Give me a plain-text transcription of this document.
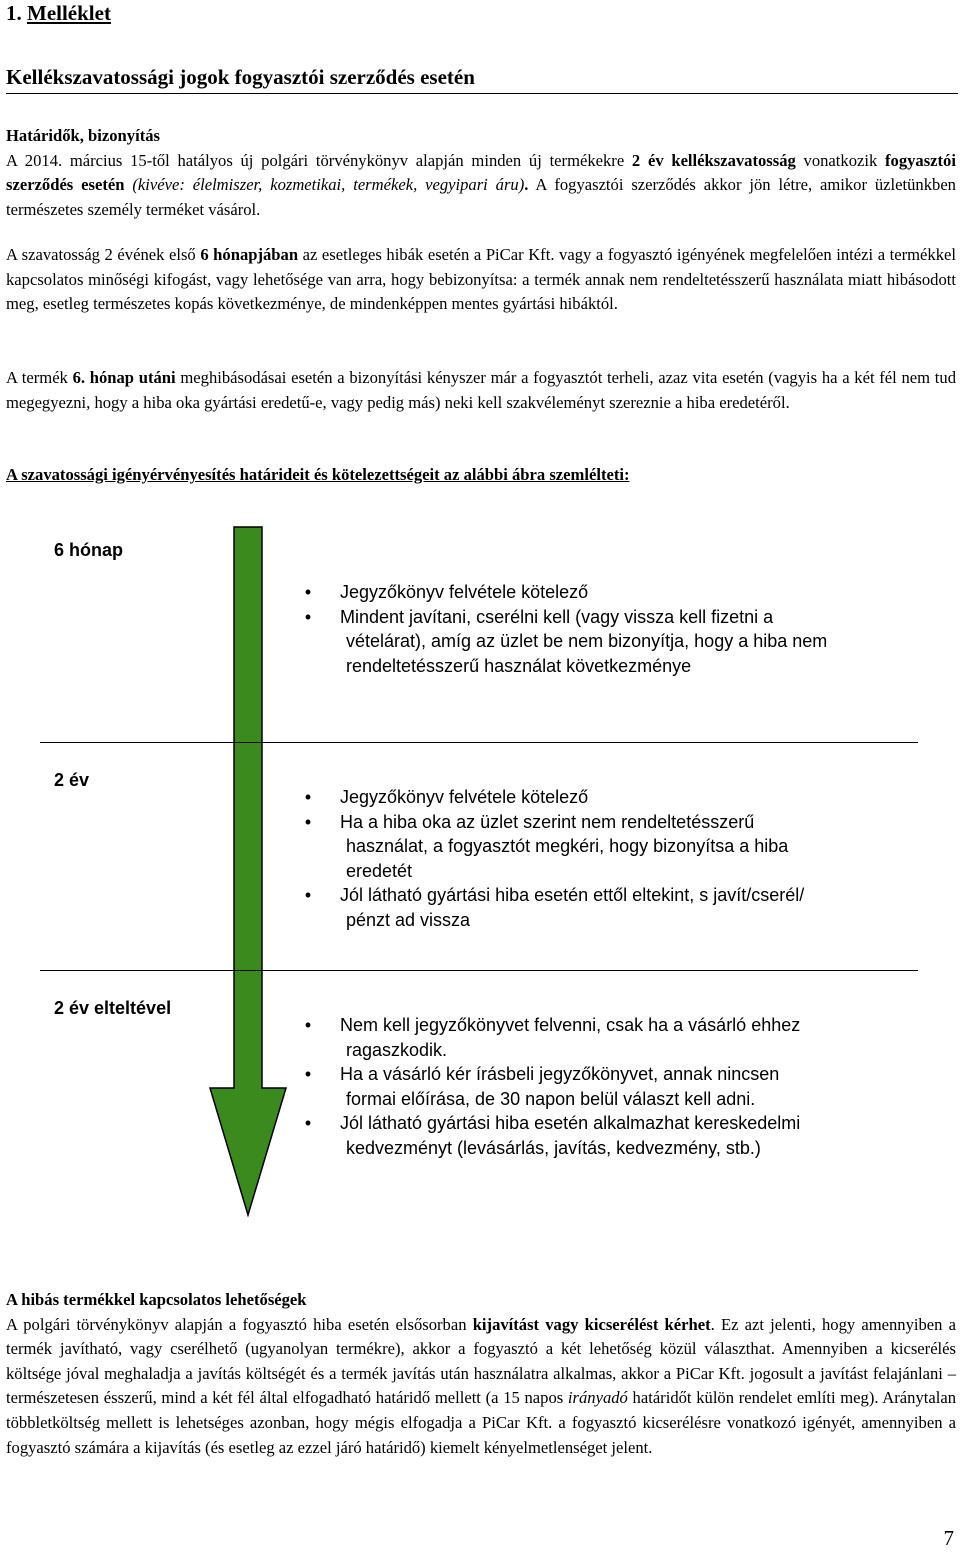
1. Melléklet
Kellékszavatossági jogok fogyasztói szerződés esetén
Határidők, bizonyítás
A 2014. március 15-től hatályos új polgári törvénykönyv alapján minden új termékekre 2 év kellékszavatosság vonatkozik fogyasztói szerződés esetén (kivéve: élelmiszer, kozmetikai, termékek, vegyipari áru). A fogyasztói szerződés akkor jön létre, amikor üzletünkben természetes személy terméket vásárol.
A szavatosság 2 évének első 6 hónapjában az esetleges hibák esetén a PiCar Kft. vagy a fogyasztó igényének megfelelően intézi a termékkel kapcsolatos minőségi kifogást, vagy lehetősége van arra, hogy bebizonyítsa: a termék annak nem rendeltetésszerű használata miatt hibásodott meg, esetleg természetes kopás következménye, de mindenképpen mentes gyártási hibáktól.
A termék 6. hónap utáni meghibásodásai esetén a bizonyítási kényszer már a fogyasztót terheli, azaz vita esetén (vagyis ha a két fél nem tud megegyezni, hogy a hiba oka gyártási eredetű-e, vagy pedig más) neki kell szakvéleményt szereznie a hiba eredetéről.
A szavatossági igényérvényesítés határideit és kötelezettségeit az alábbi ábra szemlélteti:
6 hónap
•	Jegyzőkönyv felvétele kötelező
•	Mindent javítani, cserélni kell (vagy vissza kell fizetni a
vételárat), amíg az üzlet be nem bizonyítja, hogy a hiba nem
rendeltetésszerű használat következménye
2 év
•	Jegyzőkönyv felvétele kötelező
•	Ha a hiba oka az üzlet szerint nem rendeltetésszerű
használat, a fogyasztót megkéri, hogy bizonyítsa a hiba
eredetét
•	Jól látható gyártási hiba esetén ettől eltekint, s javít/cserél/
pénzt ad vissza
2 év elteltével
•	Nem kell jegyzőkönyvet felvenni, csak ha a vásárló ehhez
ragaszkodik.
•	Ha a vásárló kér írásbeli jegyzőkönyvet, annak nincsen
formai előírása, de 30 napon belül választ kell adni.
•	Jól látható gyártási hiba esetén alkalmazhat kereskedelmi
kedvezményt (levásárlás, javítás, kedvezmény, stb.)
A hibás termékkel kapcsolatos lehetőségek
A polgári törvénykönyv alapján a fogyasztó hiba esetén elsősorban kijavítást vagy kicserélést kérhet. Ez azt jelenti, hogy amennyiben a termék javítható, vagy cserélhető (ugyanolyan termékre), akkor a fogyasztó a két lehetőség közül választhat. Amennyiben a kicserélés költsége jóval meghaladja a javítás költségét és a termék javítás után használatra alkalmas, akkor a PiCar Kft. jogosult a javítást felajánlani – természetesen ésszerű, mind a két fél által elfogadható határidő mellett (a 15 napos irányadó határidőt külön rendelet említi meg). Aránytalan többletköltség mellett is lehetséges azonban, hogy mégis elfogadja a PiCar Kft. a fogyasztó kicserélésre vonatkozó igényét, amennyiben a fogyasztó számára a kijavítás (és esetleg az ezzel járó határidő) kiemelt kényelmetlenséget jelent.
7
